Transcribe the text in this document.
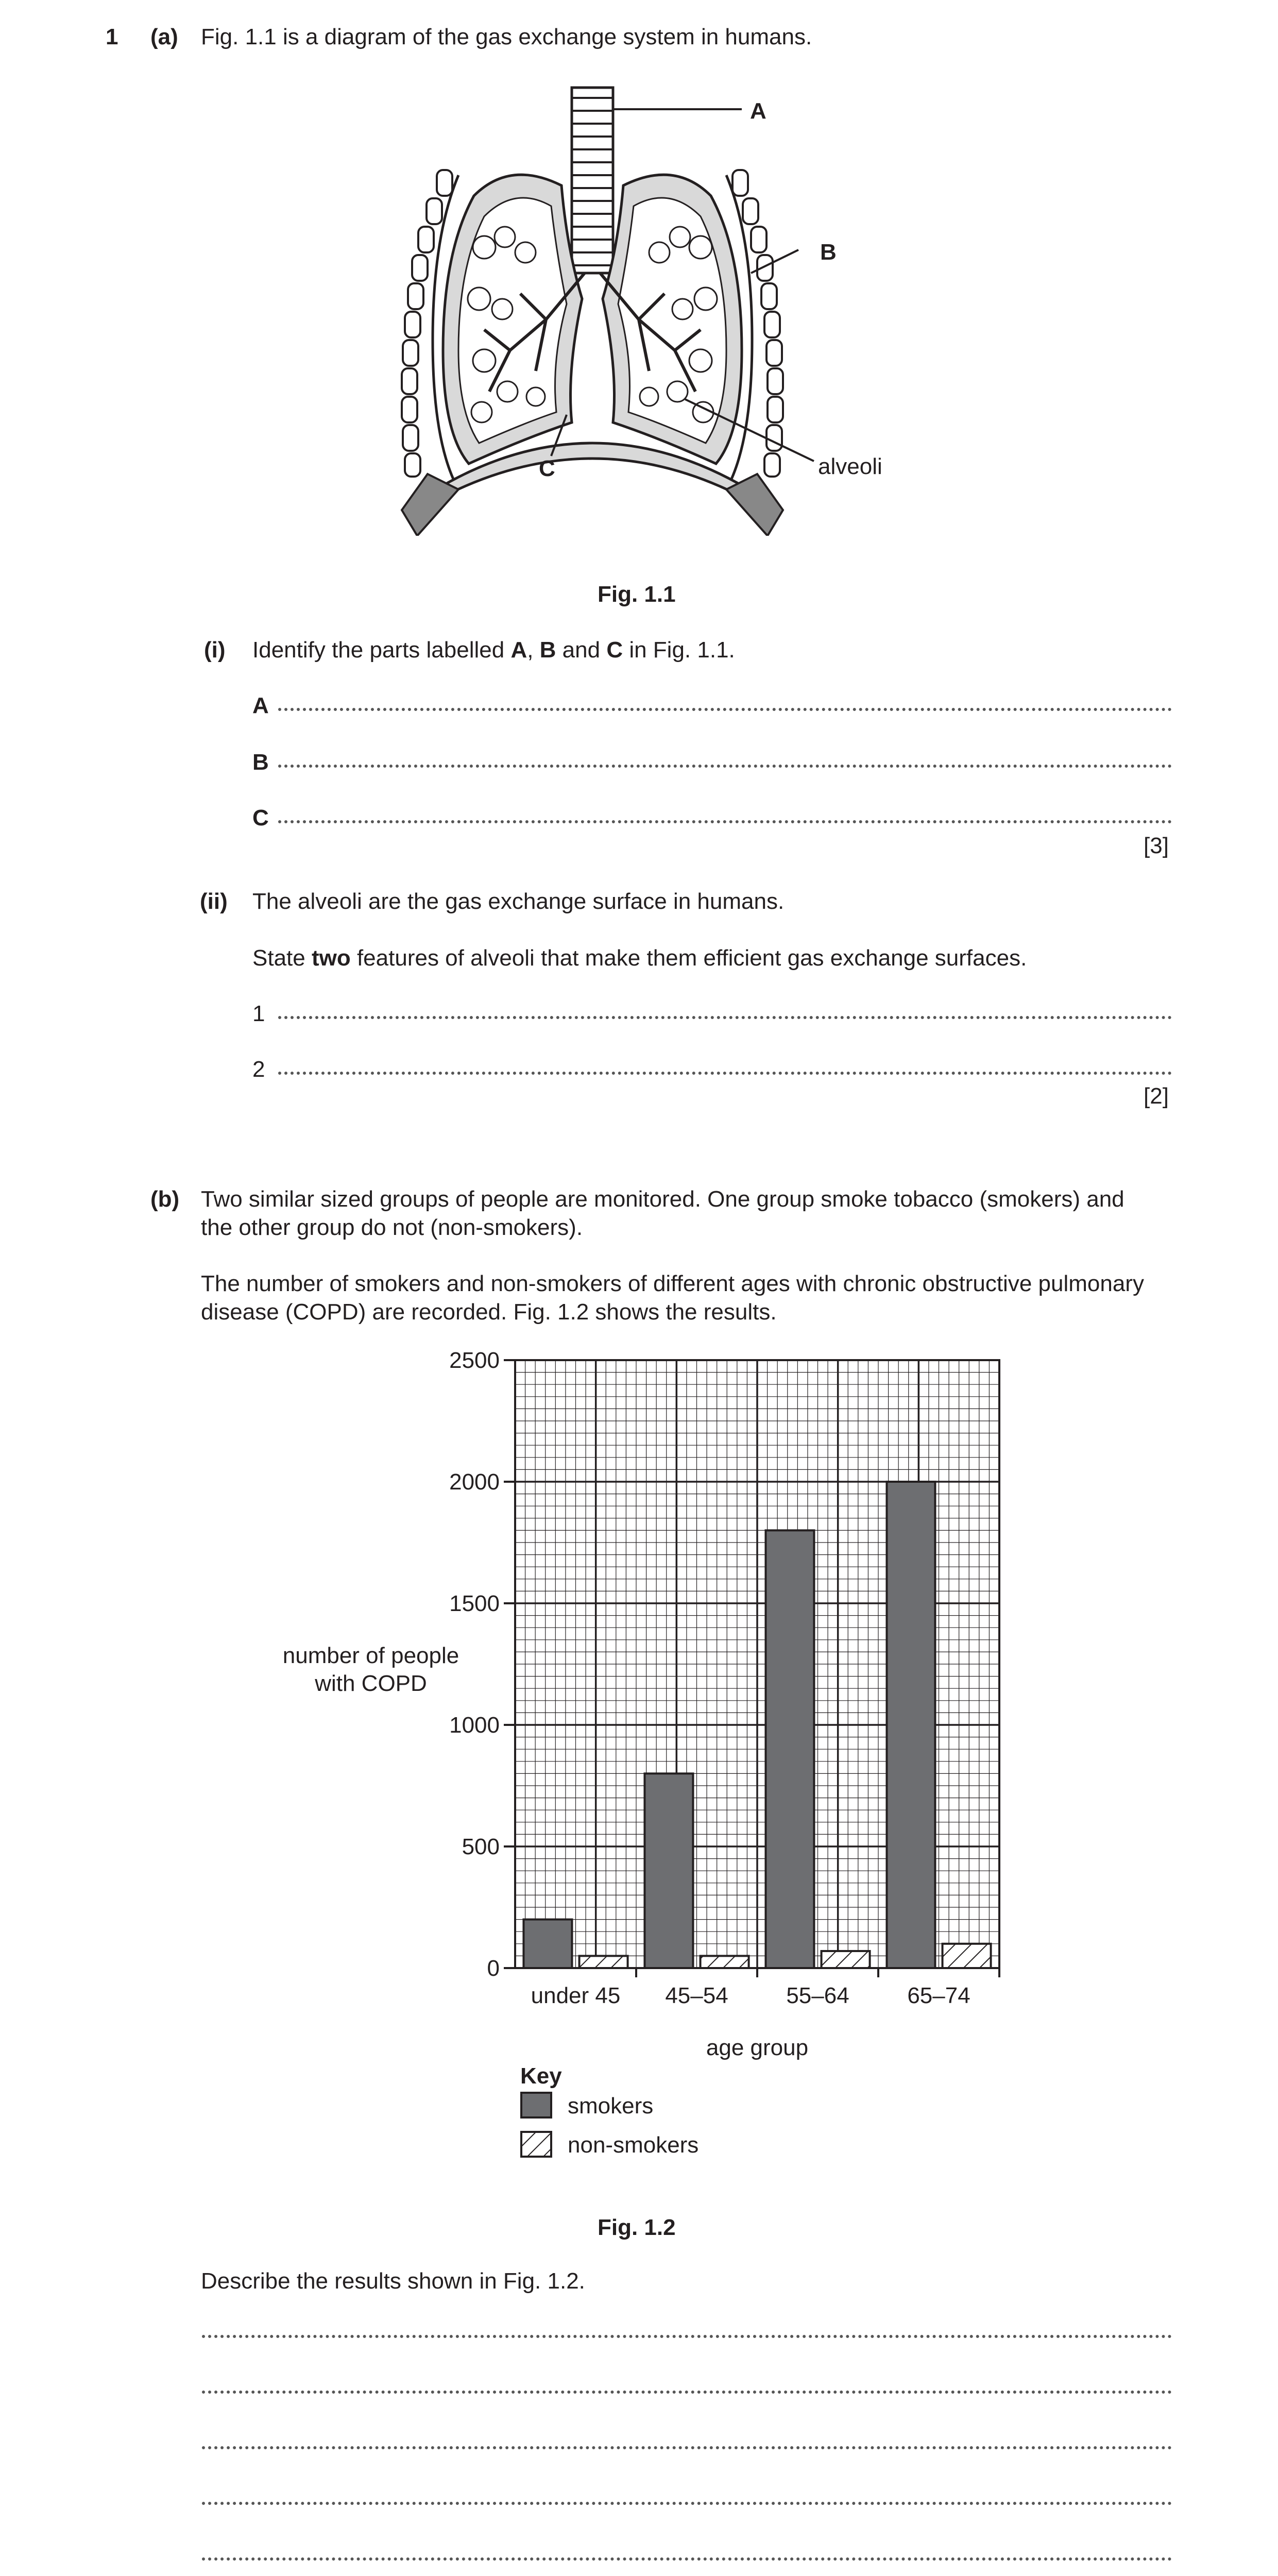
1 (a) Fig. 1.1 is a diagram of the gas exchange system in humans.
A
B
C	alveoli
Fig. 1.1
(i) Identify the parts labelled A, B and C in Fig. 1.1.
A
B
C
[3]
(ii) The alveoli are the gas exchange surface in humans.
State two features of alveoli that make them efficient gas exchange surfaces.
1
2
[2]
(b) Two similar sized groups of people are monitored. One group smoke tobacco (smokers) and
the other group do not (non-smokers).
The number of smokers and non-smokers of different ages with chronic obstructive pulmonary
disease (COPD) are recorded. Fig. 1.2 shows the results.
number of people
with COPD
0
500
1000
1500
2000
2500
under 45 45–54	55–64	65–74
age group
Key
smokers
non-smokers
Fig. 1.2
Describe the results shown in Fig. 1.2.
